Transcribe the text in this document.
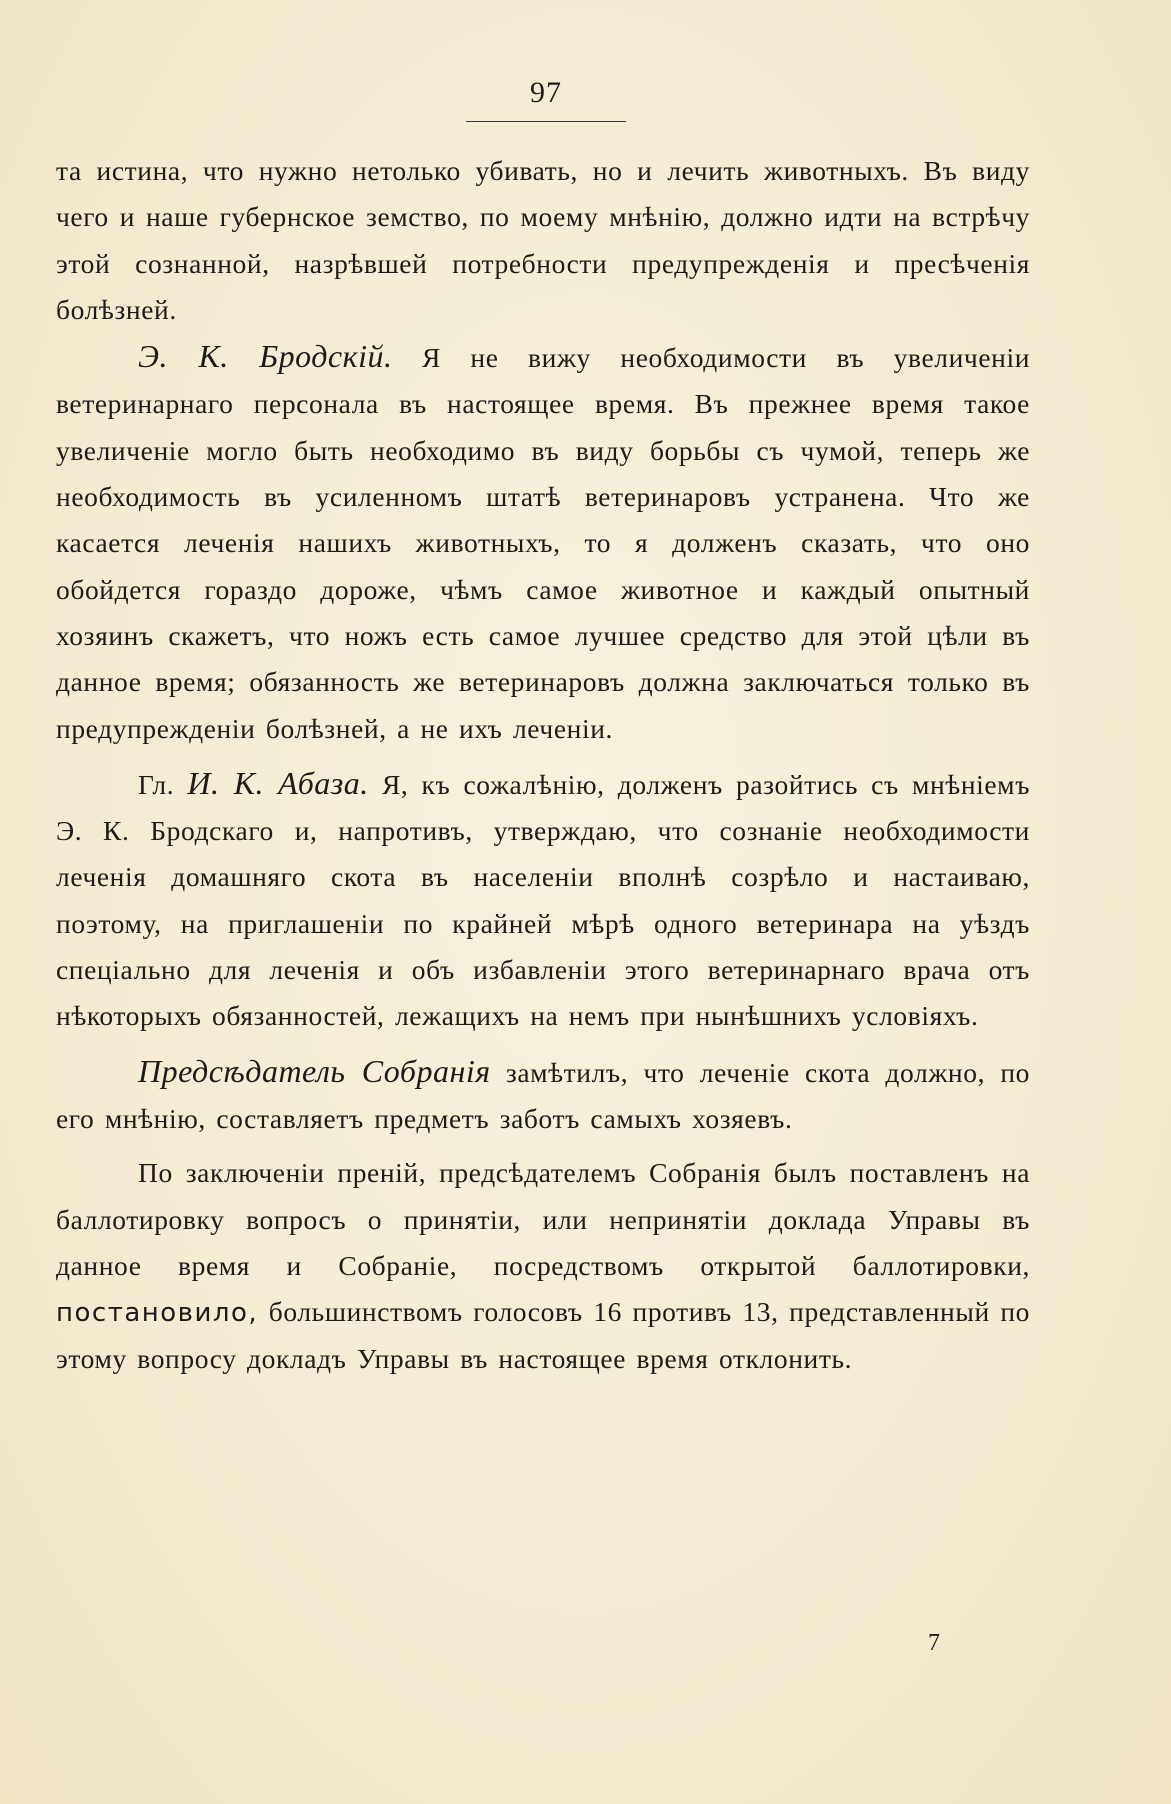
97

та истина, что нужно нетолько убивать, но и лечить животныхъ. Въ виду чего и наше губернское земство, по моему мнѣнію, должно идти на встрѣчу этой сознанной, назрѣвшей потребности предупрежденія и пресѣченія болѣзней.

Э. К. Бродскій. Я не вижу необходимости въ увеличеніи ветеринарнаго персонала въ настоящее время. Въ прежнее время такое увеличеніе могло быть необходимо въ виду борьбы съ чумой, теперь же необходимость въ усиленномъ штатѣ ветеринаровъ устранена. Что же касается леченія нашихъ животныхъ, то я долженъ сказать, что оно обойдется гораздо дороже, чѣмъ самое животное и каждый опытный хозяинъ скажетъ, что ножъ есть самое лучшее средство для этой цѣли въ данное время; обязанность же ветеринаровъ должна заключаться только въ предупрежденіи болѣзней, а не ихъ леченіи.

Гл. И. К. Абаза. Я, къ сожалѣнію, долженъ разойтись съ мнѣніемъ Э. К. Бродскаго и, напротивъ, утверждаю, что сознаніе необходимости леченія домашняго скота въ населеніи вполнѣ созрѣло и настаиваю, поэтому, на приглашеніи по крайней мѣрѣ одного ветеринара на уѣздъ спеціально для леченія и объ избавленіи этого ветеринарнаго врача отъ нѣкоторыхъ обязанностей, лежащихъ на немъ при нынѣшнихъ условіяхъ.

Предсѣдатель Собранія замѣтилъ, что леченіе скота должно, по его мнѣнію, составляетъ предметъ заботъ самыхъ хозяевъ.

По заключеніи преній, предсѣдателемъ Собранія былъ поставленъ на баллотировку вопросъ о принятіи, или непринятіи доклада Управы въ данное время и Собраніе, посредствомъ открытой баллотировки, постановило, большинствомъ голосовъ 16 противъ 13, представленный по этому вопросу докладъ Управы въ настоящее время отклонить.

7
